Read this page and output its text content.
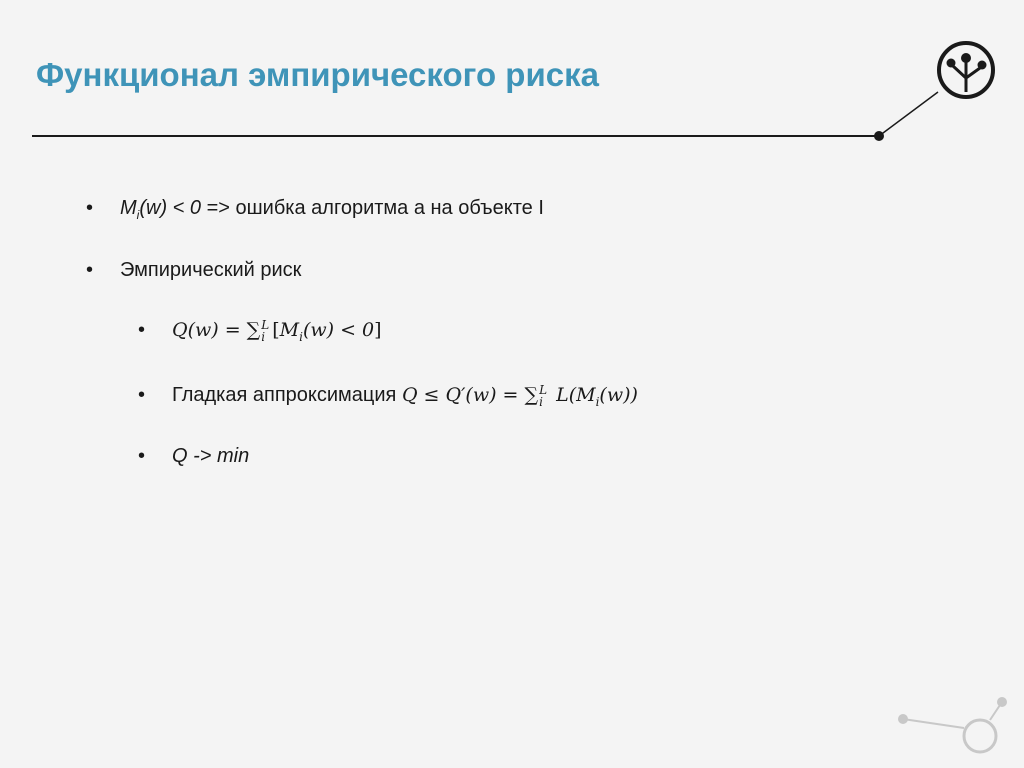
Функционал эмпирического риска
• $M_i(w) < 0$ => ошибка алгоритма a на объекте I
• Эмпирический риск
• Q(w) = ∑ L
i $[M_i(w) < 0]$
• Гладкая аппроксимация Q ≤ Q′(w) = ∑ L
i $L(M_i(w))$
• Q -> min
